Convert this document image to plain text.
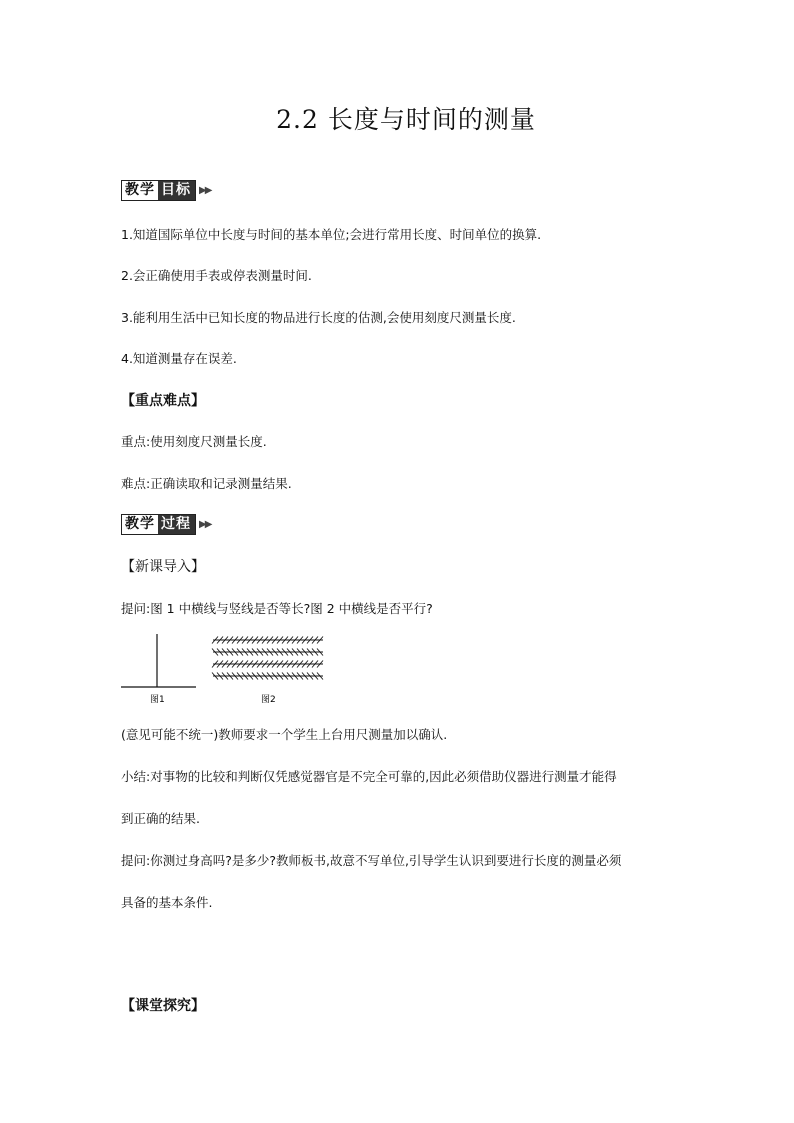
2.2 长度与时间的测量
教学 目标 ▶▶
1.知道国际单位中长度与时间的基本单位;会进行常用长度、时间单位的换算.
2.会正确使用手表或停表测量时间.
3.能利用生活中已知长度的物品进行长度的估测,会使用刻度尺测量长度.
4.知道测量存在误差.
【重点难点】
重点:使用刻度尺测量长度.
难点:正确读取和记录测量结果.
教学 过程 ▶▶
【新课导入】
提问:图 1 中横线与竖线是否等长?图 2 中横线是否平行?
图1	图2
(意见可能不统一)教师要求一个学生上台用尺测量加以确认.
小结:对事物的比较和判断仅凭感觉器官是不完全可靠的,因此必须借助仪器进行测量才能得
到正确的结果.
提问:你测过身高吗?是多少?教师板书,故意不写单位,引导学生认识到要进行长度的测量必须
具备的基本条件.
【课堂探究】
